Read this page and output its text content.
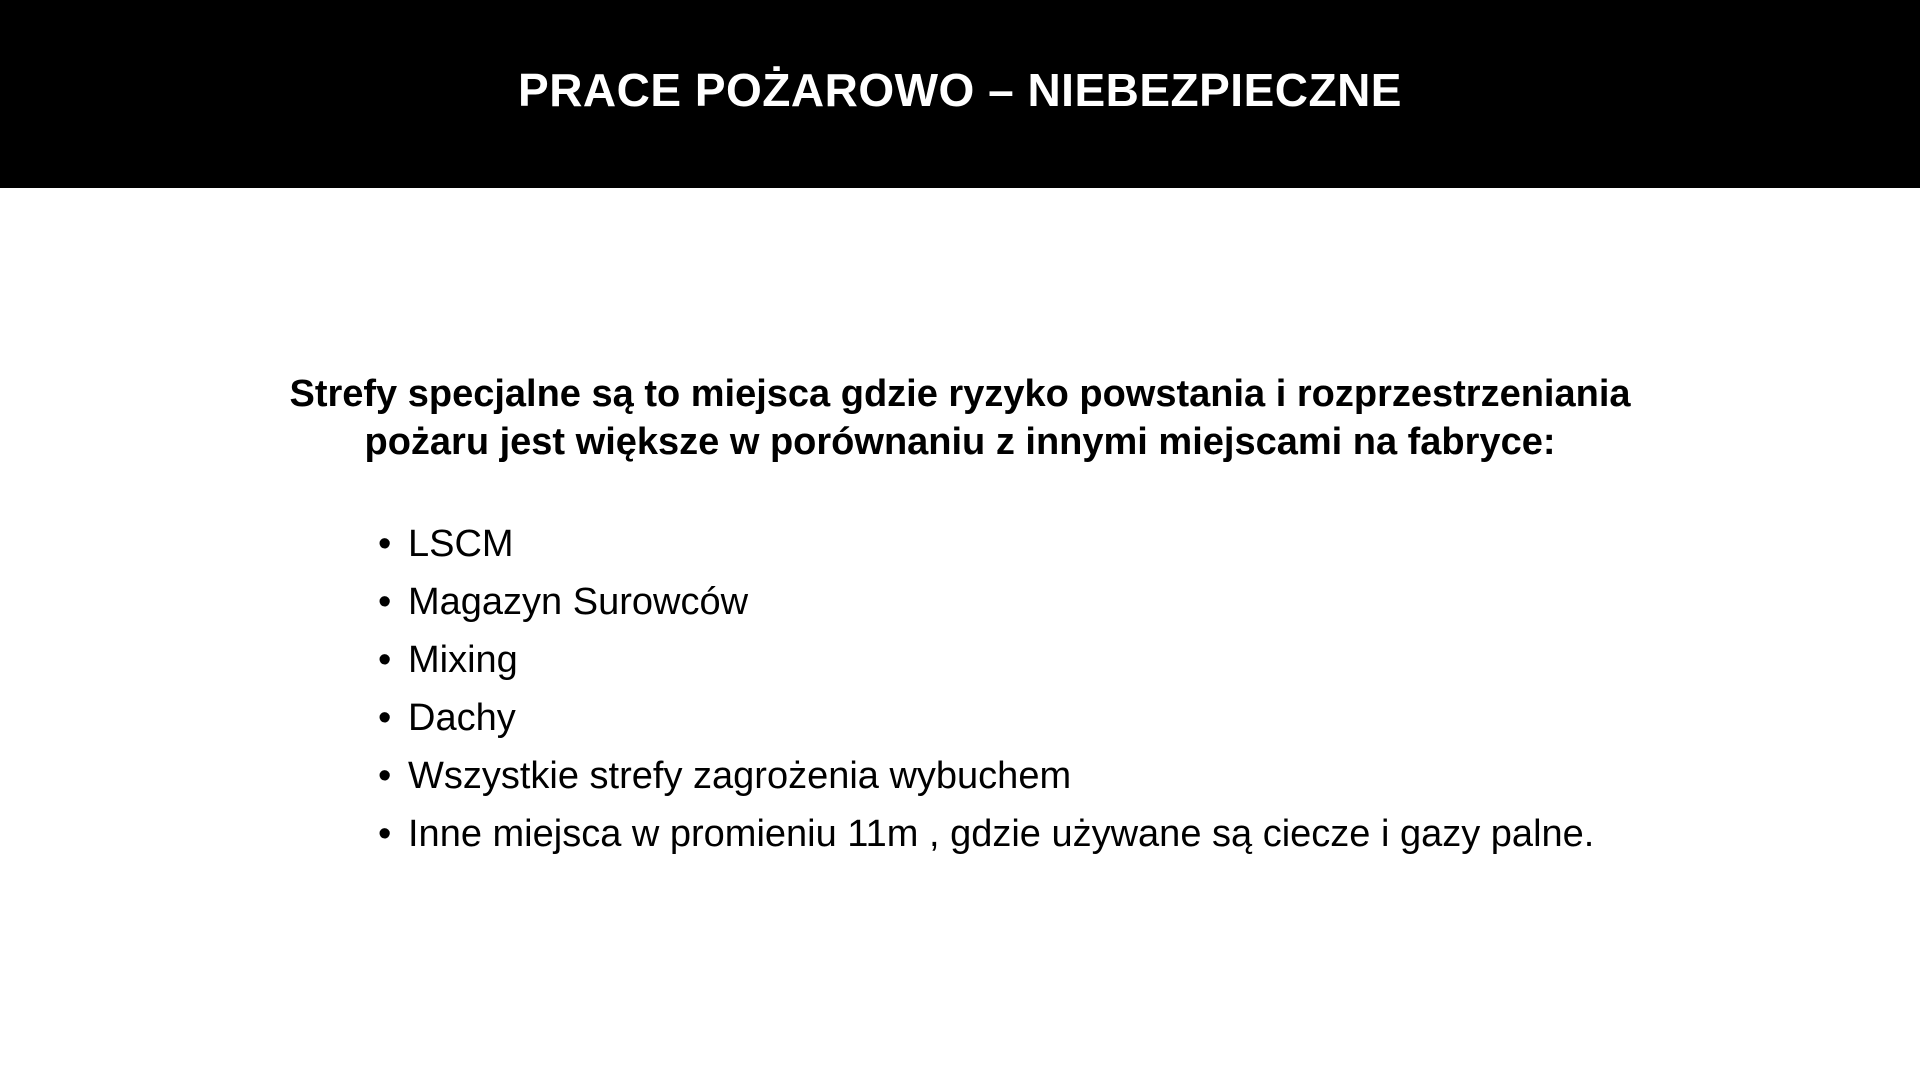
PRACE POŻAROWO – NIEBEZPIECZNE
Strefy specjalne są to miejsca gdzie ryzyko powstania i rozprzestrzeniania
pożaru jest większe w porównaniu z innymi miejscami na fabryce:
• LSCM
• Magazyn Surowców
• Mixing
• Dachy
• Wszystkie strefy zagrożenia wybuchem
• Inne miejsca w promieniu 11m , gdzie używane są ciecze i gazy palne.
